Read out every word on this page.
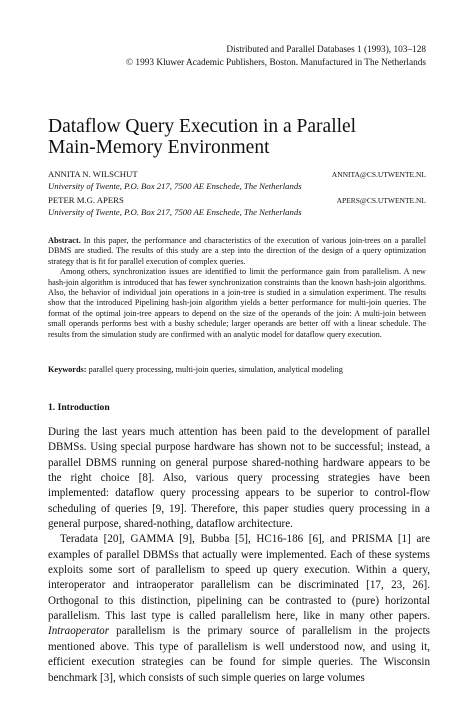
Distributed and Parallel Databases 1 (1993), 103–128
© 1993 Kluwer Academic Publishers, Boston. Manufactured in The Netherlands
Dataflow Query Execution in a Parallel
Main-Memory Environment
ANNITA N. WILSCHUT	ANNITA@CS.UTWENTE.NL
University of Twente, P.O. Box 217, 7500 AE Enschede, The Netherlands
PETER M.G. APERS	APERS@CS.UTWENTE.NL
University of Twente, P.O. Box 217, 7500 AE Enschede, The Netherlands

Abstract. In this paper, the performance and characteristics of the execution of various join-trees on a parallel DBMS are studied. The results of this study are a step into the direction of the design of a query optimization strategy that is fit for parallel execution of complex queries.

Among others, synchronization issues are identified to limit the performance gain from parallelism. A new hash-join algorithm is introduced that has fewer synchronization constraints than the known hash-join algorithms. Also, the behavior of individual join operations in a join-tree is studied in a simulation experiment. The results show that the introduced Pipelining hash-join algorithm yields a better performance for multi-join queries. The format of the optimal join-tree appears to depend on the size of the operands of the join: A multi-join between small operands performs best with a bushy schedule; larger operands are better off with a linear schedule. The results from the simulation study are confirmed with an analytic model for dataflow query execution.

Keywords: parallel query processing, multi-join queries, simulation, analytical modeling
1. Introduction

During the last years much attention has been paid to the development of parallel DBMSs. Using special purpose hardware has shown not to be successful; instead, a parallel DBMS running on general purpose shared-nothing hardware appears to be the right choice [8]. Also, various query processing strategies have been implemented: dataflow query processing appears to be superior to control-flow scheduling of queries [9, 19]. Therefore, this paper studies query processing in a general purpose, shared-nothing, dataflow architecture.

Teradata [20], GAMMA [9], Bubba [5], HC16-186 [6], and PRISMA [1] are examples of parallel DBMSs that actually were implemented. Each of these systems exploits some sort of parallelism to speed up query execution. Within a query, interoperator and intraoperator parallelism can be discriminated [17, 23, 26]. Orthogonal to this distinction, pipelining can be contrasted to (pure) horizontal parallelism. This last type is called parallelism here, like in many other papers. Intraoperator parallelism is the primary source of parallelism in the projects mentioned above. This type of parallelism is well understood now, and using it, efficient execution strategies can be found for simple queries. The Wisconsin benchmark [3], which consists of such simple queries on large volumes
